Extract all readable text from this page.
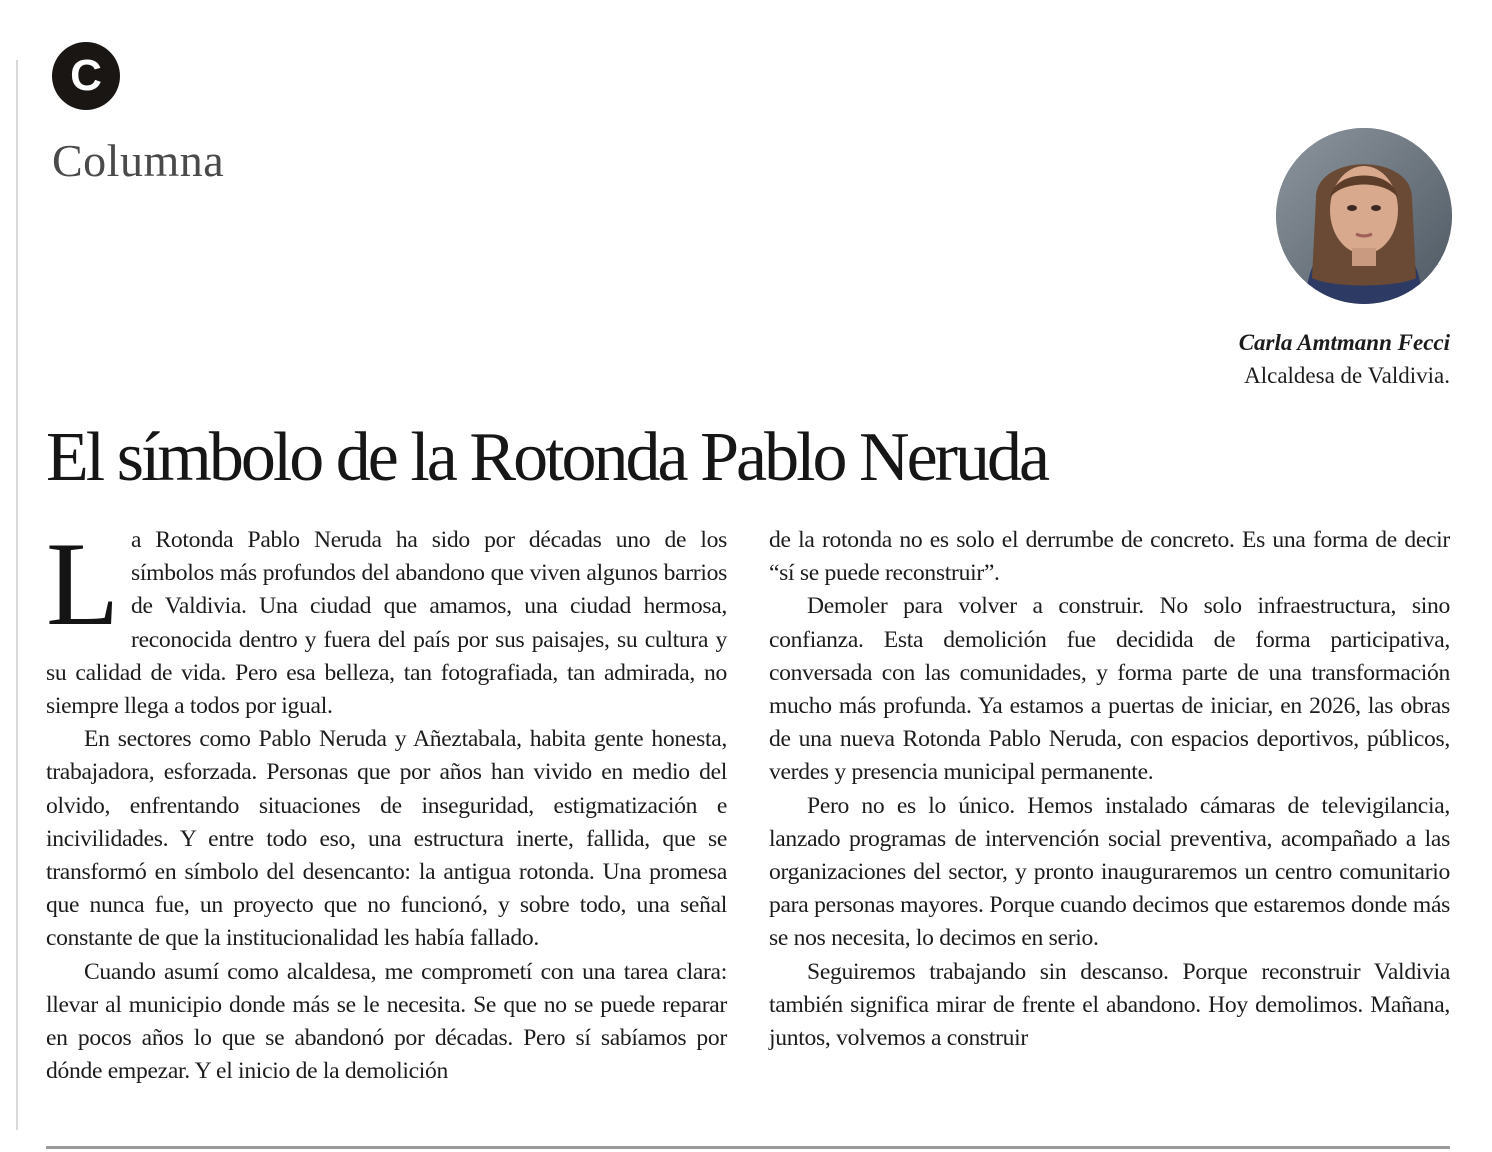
C
Columna
Carla Amtmann Fecci
Alcaldesa de Valdivia.
El símbolo de la Rotonda Pablo Neruda

La Rotonda Pablo Neruda ha sido por décadas uno de los símbolos más profundos del abandono que viven algunos barrios de Valdivia. Una ciudad que amamos, una ciudad hermosa, reconocida dentro y fuera del país por sus paisajes, su cultura y su calidad de vida. Pero esa belleza, tan fotografiada, tan admirada, no siempre llega a todos por igual.

En sectores como Pablo Neruda y Añeztabala, habita gente honesta, trabajadora, esforzada. Personas que por años han vivido en medio del olvido, enfrentando situaciones de inseguridad, estigmatización e incivilidades. Y entre todo eso, una estructura inerte, fallida, que se transformó en símbolo del desencanto: la antigua rotonda. Una promesa que nunca fue, un proyecto que no funcionó, y sobre todo, una señal constante de que la institucionalidad les había fallado.

Cuando asumí como alcaldesa, me comprometí con una tarea clara: llevar al municipio donde más se le necesita. Se que no se puede reparar en pocos años lo que se abandonó por décadas. Pero sí sabíamos por dónde empezar. Y el inicio de la demolición

de la rotonda no es solo el derrumbe de concreto. Es una forma de decir “sí se puede reconstruir”.

Demoler para volver a construir. No solo infraestructura, sino confianza. Esta demolición fue decidida de forma participativa, conversada con las comunidades, y forma parte de una transformación mucho más profunda. Ya estamos a puertas de iniciar, en 2026, las obras de una nueva Rotonda Pablo Neruda, con espacios deportivos, públicos, verdes y presencia municipal permanente.

Pero no es lo único. Hemos instalado cámaras de televigilancia, lanzado programas de intervención social preventiva, acompañado a las organizaciones del sector, y pronto inauguraremos un centro comunitario para personas mayores. Porque cuando decimos que estaremos donde más se nos necesita, lo decimos en serio.

Seguiremos trabajando sin descanso. Porque reconstruir Valdivia también significa mirar de frente el abandono. Hoy demolimos. Mañana, juntos, volvemos a construir
